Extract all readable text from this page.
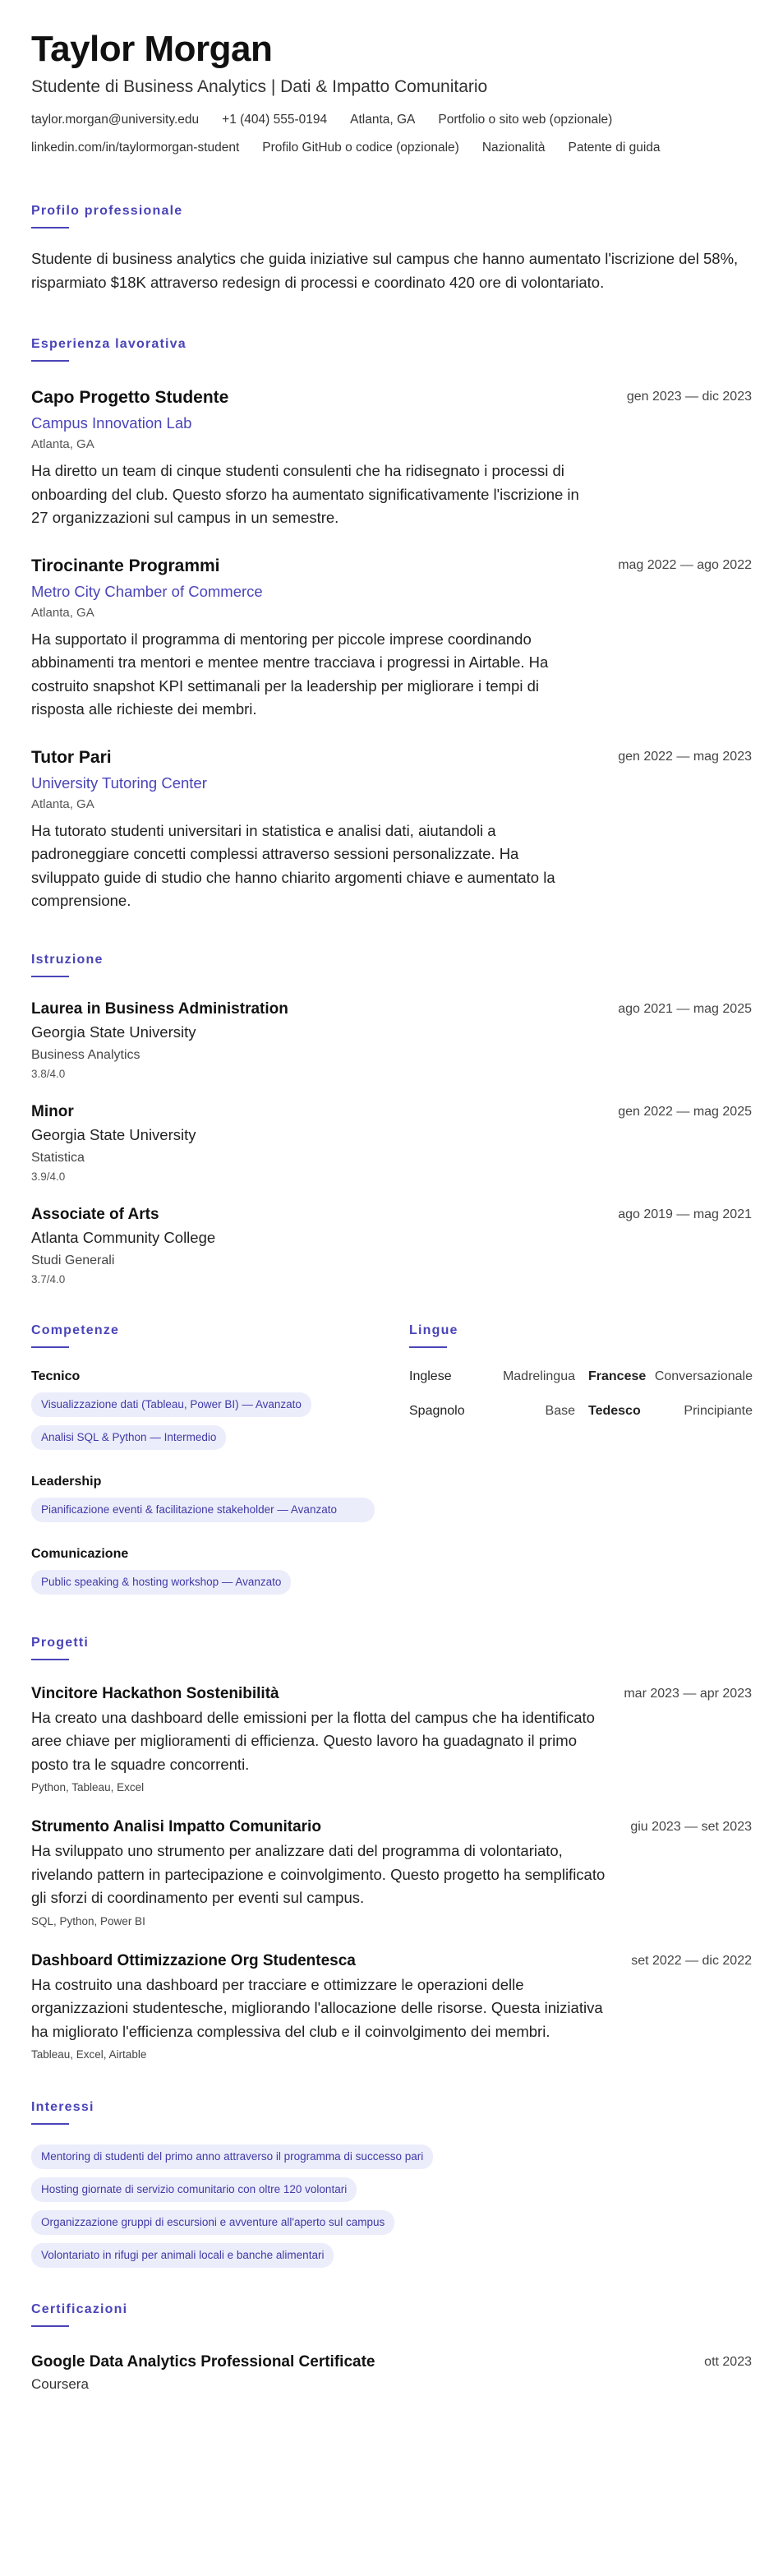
Taylor Morgan
Studente di Business Analytics | Dati & Impatto Comunitario
taylor.morgan@university.edu +1 (404) 555-0194 Atlanta, GA Portfolio o sito web (opzionale)
linkedin.com/in/taylormorgan-student Profilo GitHub o codice (opzionale) Nazionalità Patente di guida
Profilo professionale
Studente di business analytics che guida iniziative sul campus che hanno aumentato l'iscrizione del 58%, risparmiato $18K attraverso redesign di processi e coordinato 420 ore di volontariato.
Esperienza lavorativa
Capo Progetto Studente
Campus Innovation Lab
Atlanta, GA
Ha diretto un team di cinque studenti consulenti che ha ridisegnato i processi di onboarding del club. Questo sforzo ha aumentato significativamente l'iscrizione in 27 organizzazioni sul campus in un semestre.
gen 2023 — dic 2023
Tirocinante Programmi
Metro City Chamber of Commerce
Atlanta, GA
Ha supportato il programma di mentoring per piccole imprese coordinando abbinamenti tra mentori e mentee mentre tracciava i progressi in Airtable. Ha costruito snapshot KPI settimanali per la leadership per migliorare i tempi di risposta alle richieste dei membri.
mag 2022 — ago 2022
Tutor Pari
University Tutoring Center
Atlanta, GA
Ha tutorato studenti universitari in statistica e analisi dati, aiutandoli a padroneggiare concetti complessi attraverso sessioni personalizzate. Ha sviluppato guide di studio che hanno chiarito argomenti chiave e aumentato la comprensione.
gen 2022 — mag 2023
Istruzione
Laurea in Business Administration
Georgia State University
Business Analytics
3.8/4.0
ago 2021 — mag 2025
Minor
Georgia State University
Statistica
3.9/4.0
gen 2022 — mag 2025
Associate of Arts
Atlanta Community College
Studi Generali
3.7/4.0
ago 2019 — mag 2021
Competenze
Tecnico
Visualizzazione dati (Tableau, Power BI) — Avanzato
Analisi SQL & Python — Intermedio
Leadership
Pianificazione eventi & facilitazione stakeholder — Avanzato
Comunicazione
Public speaking & hosting workshop — Avanzato
Lingue
Inglese	Madrelingua	Francese Conversazionale
Spagnolo	Base	Tedesco	Principiante
Progetti
Vincitore Hackathon Sostenibilità
Ha creato una dashboard delle emissioni per la flotta del campus che ha identificato aree chiave per miglioramenti di efficienza. Questo lavoro ha guadagnato il primo posto tra le squadre concorrenti.
Python, Tableau, Excel
mar 2023 — apr 2023
Strumento Analisi Impatto Comunitario
Ha sviluppato uno strumento per analizzare dati del programma di volontariato, rivelando pattern in partecipazione e coinvolgimento. Questo progetto ha semplificato gli sforzi di coordinamento per eventi sul campus.
SQL, Python, Power BI
giu 2023 — set 2023
Dashboard Ottimizzazione Org Studentesca
Ha costruito una dashboard per tracciare e ottimizzare le operazioni delle organizzazioni studentesche, migliorando l'allocazione delle risorse. Questa iniziativa ha migliorato l'efficienza complessiva del club e il coinvolgimento dei membri.
Tableau, Excel, Airtable
set 2022 — dic 2022
Interessi
Mentoring di studenti del primo anno attraverso il programma di successo pari
Hosting giornate di servizio comunitario con oltre 120 volontari
Organizzazione gruppi di escursioni e avventure all'aperto sul campus
Volontariato in rifugi per animali locali e banche alimentari
Certificazioni
Google Data Analytics Professional Certificate
Coursera
ott 2023
